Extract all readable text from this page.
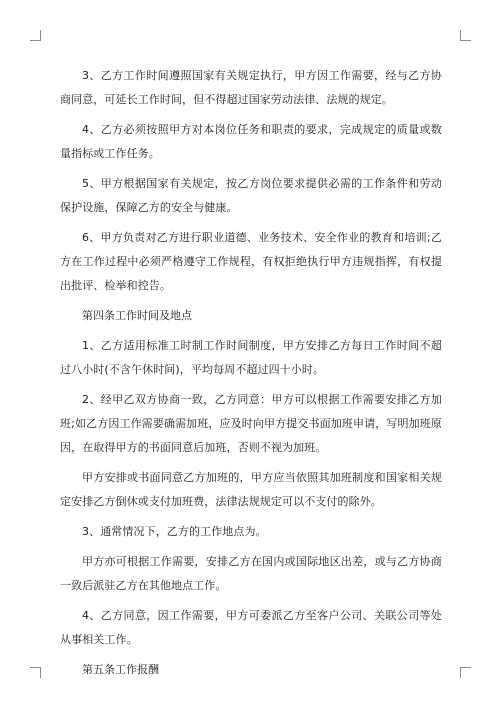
3、乙方工作时间遵照国家有关规定执行，甲方因工作需要，经与乙方协商同意，可延长工作时间，但不得超过国家劳动法律、法规的规定。

4、乙方必须按照甲方对本岗位任务和职责的要求，完成规定的质量或数量指标或工作任务。

5、甲方根据国家有关规定，按乙方岗位要求提供必需的工作条件和劳动保护设施，保障乙方的安全与健康。

6、甲方负责对乙方进行职业道德、业务技术、安全作业的教育和培训;乙方在工作过程中必须严格遵守工作规程，有权拒绝执行甲方违规指挥，有权提出批评、检举和控告。

第四条工作时间及地点

1、乙方适用标准工时制工作时间制度，甲方安排乙方每日工作时间不超过八小时(不含午休时间)，平均每周不超过四十小时。

2、经甲乙双方协商一致，乙方同意：甲方可以根据工作需要安排乙方加班;如乙方因工作需要确需加班，应及时向甲方提交书面加班申请，写明加班原因，在取得甲方的书面同意后加班，否则不视为加班。

甲方安排或书面同意乙方加班的，甲方应当依照其加班制度和国家相关规定安排乙方倒休或支付加班费，法律法规规定可以不支付的除外。

3、通常情况下，乙方的工作地点为。

甲方亦可根据工作需要，安排乙方在国内或国际地区出差，或与乙方协商一致后派驻乙方在其他地点工作。

4、乙方同意，因工作需要，甲方可委派乙方至客户公司、关联公司等处从事相关工作。

第五条工作报酬
